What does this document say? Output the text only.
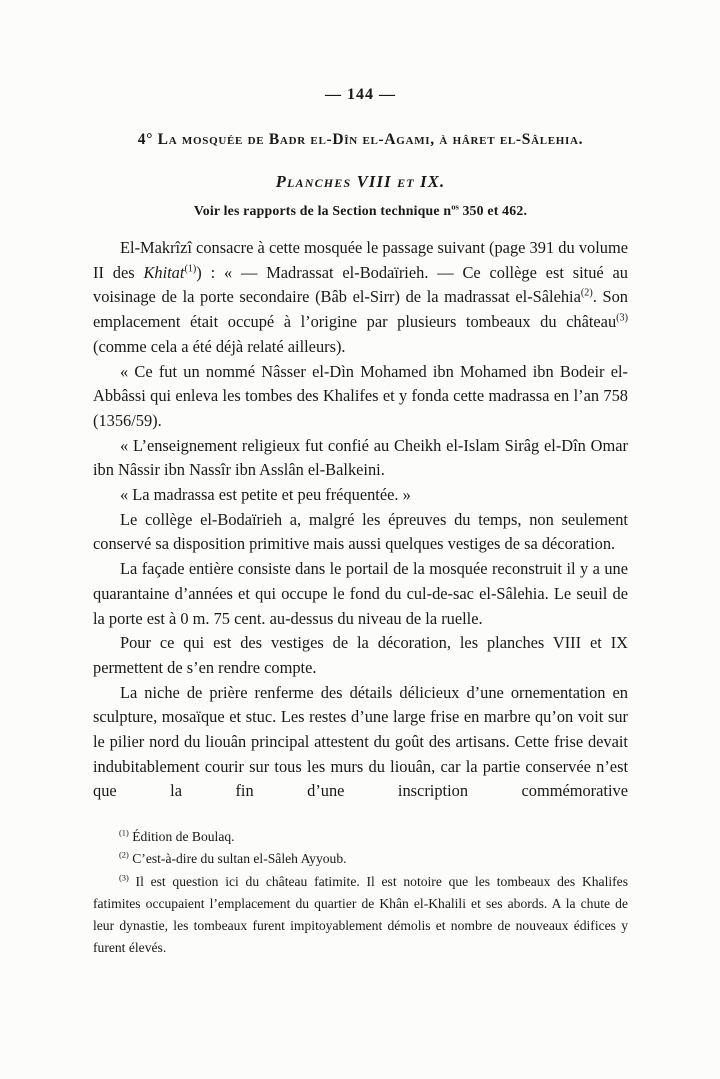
— 144 —
4° La mosquée de Badr el-Dîn el-Agami, à hâret el-Sâlehia.
Planches VIII et IX.
Voir les rapports de la Section technique $n^{os}$ 350 et 462.

El-Makrîzî consacre à cette mosquée le passage suivant (page 391 du volume II des Khitat$^{(1)}$) : « — Madrassat el-Bodaïrieh. — Ce collège est situé au voisinage de la porte secondaire (Bâb el-Sirr) de la madrassat el-Sâlehia$^{(2)}$. Son emplacement était occupé à l’origine par plusieurs tombeaux du château$^{(3)}$ (comme cela a été déjà relaté ailleurs).

« Ce fut un nommé Nâsser el-Dìn Mohamed ibn Mohamed ibn Bodeir el-Abbâssi qui enleva les tombes des Khalifes et y fonda cette madrassa en l’an 758 (1356/59).

« L’enseignement religieux fut confié au Cheikh el-Islam Sirâg el-Dîn Omar ibn Nâssir ibn Nassîr ibn Asslân el-Balkeini.

« La madrassa est petite et peu fréquentée. »

Le collège el-Bodaïrieh a, malgré les épreuves du temps, non seulement conservé sa disposition primitive mais aussi quelques vestiges de sa décoration.

La façade entière consiste dans le portail de la mosquée reconstruit il y a une quarantaine d’années et qui occupe le fond du cul-de-sac el-Sâlehia. Le seuil de la porte est à 0 m. 75 cent. au-dessus du niveau de la ruelle.

Pour ce qui est des vestiges de la décoration, les planches VIII et IX permettent de s’en rendre compte.

La niche de prière renferme des détails délicieux d’une ornementation en sculpture, mosaïque et stuc. Les restes d’une large frise en marbre qu’on voit sur le pilier nord du liouân principal attestent du goût des artisans. Cette frise devait indubitablement courir sur tous les murs du liouân, car la partie conservée n’est que la fin d’une inscription commémorative

$^{(1)}$ Édition de Boulaq.

$^{(2)}$ C’est-à-dire du sultan el-Sâleh Ayyoub.

$^{(3)}$ Il est question ici du château fatimite. Il est notoire que les tombeaux des Khalifes fatimites occupaient l’emplacement du quartier de Khân el-Khalili et ses abords. A la chute de leur dynastie, les tombeaux furent impitoyablement démolis et nombre de nouveaux édifices y furent élevés.
